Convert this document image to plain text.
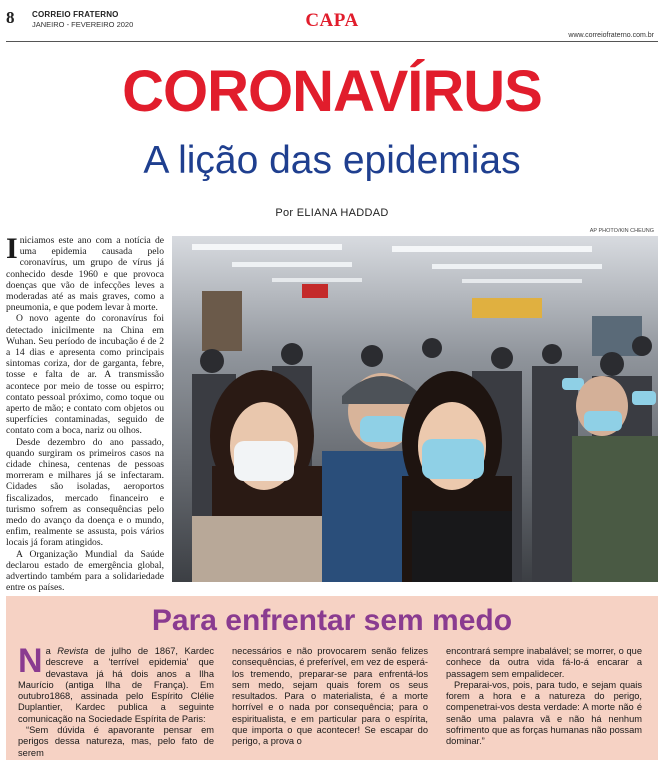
8 CORREIO FRATERNO
JANEIRO - FEVEREIRO 2020	CAPA
www.correiofraterno.com.br
CORONAVÍRUS
A lição das epidemias
Por ELIANA HADDAD

Iniciamos este ano com a notícia de uma epidemia causada pelo coronavírus, um grupo de vírus já conhecido desde 1960 e que provoca doenças que vão de infecções leves a moderadas até as mais graves, como a pneumonia, e que podem levar à morte.

O novo agente do coronavírus foi detectado inicilmente na China em Wuhan. Seu período de incubação é de 2 a 14 dias e apresenta como principais sintomas coriza, dor de garganta, febre, tosse e falta de ar. A transmissão acontece por meio de tosse ou espirro; contato pessoal próximo, como toque ou aperto de mão; e contato com objetos ou superfícies contaminadas, seguido de contato com a boca, nariz ou olhos.

Desde dezembro do ano passado, quando surgiram os primeiros casos na cidade chinesa, centenas de pessoas morreram e milhares já se infectaram. Cidades são isoladas, aeroportos fiscalizados, mercado financeiro e turismo sofrem as consequências pelo medo do avanço da doença e o mundo, enfim, realmente se assusta, pois vários locais já foram atingidos.

A Organização Mundial da Saúde declarou estado de emergência global, advertindo também para a solidariedade entre os países.

AP PHOTO/KIN CHEUNG
Para enfrentar sem medo

Na Revista de julho de 1867, Kardec descreve a 'terrível epidemia' que devastava já há dois anos a Ilha Maurício (antiga Ilha de França). Em outubro1868, assinada pelo Espírito Clélie Duplantier, Kardec publica a seguinte comunicação na Sociedade Espírita de Paris:

“Sem dúvida é apavorante pensar em perigos dessa natureza, mas, pelo fato de serem

necessários e não provocarem senão felizes consequências, é preferível, em vez de esperá-los tremendo, preparar-se para enfrentá-los sem medo, sejam quais forem os seus resultados. Para o materialista, é a morte horrível e o nada por consequência; para o espiritualista, e em particular para o espírita, que importa o que acontecer! Se escapar do perigo, a prova o

encontrará sempre inabalável; se morrer, o que conhece da outra vida fá-lo-á encarar a passagem sem empalidecer.

Preparai-vos, pois, para tudo, e sejam quais forem a hora e a natureza do perigo, compenetrai-vos desta verdade: A morte não é senão uma palavra vã e não há nenhum sofrimento que as forças humanas não possam dominar.”
